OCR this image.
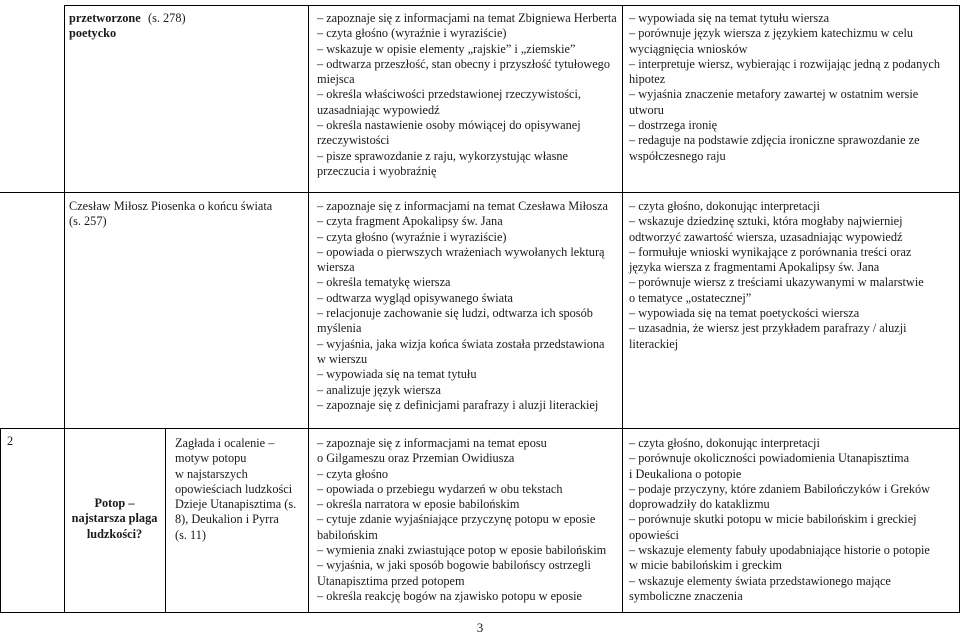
przetworzone
poetycko
(s. 278)	– zapoznaje się z informacjami na temat Zbigniewa Herberta
– czyta głośno (wyraźnie i wyraziście)
– wskazuje w opisie elementy „rajskie” i „ziemskie”
– odtwarza przeszłość, stan obecny i przyszłość tytułowego
miejsca
– określa właściwości przedstawionej rzeczywistości,
uzasadniając wypowiedź
– określa nastawienie osoby mówiącej do opisywanej
rzeczywistości
– pisze sprawozdanie z raju, wykorzystując własne
przeczucia i wyobraźnię
– wypowiada się na temat tytułu wiersza
– porównuje język wiersza z językiem katechizmu w celu
wyciągnięcia wniosków
– interpretuje wiersz, wybierając i rozwijając jedną z podanych
hipotez
– wyjaśnia znaczenie metafory zawartej w ostatnim wersie
utworu
– dostrzega ironię
– redaguje na podstawie zdjęcia ironiczne sprawozdanie ze
współczesnego raju
Czesław Miłosz Piosenka o końcu świata
(s. 257)
– zapoznaje się z informacjami na temat Czesława Miłosza
– czyta fragment Apokalipsy św. Jana
– czyta głośno (wyraźnie i wyraziście)
– opowiada o pierwszych wrażeniach wywołanych lekturą
wiersza
– określa tematykę wiersza
– odtwarza wygląd opisywanego świata
– relacjonuje zachowanie się ludzi, odtwarza ich sposób
myślenia
– wyjaśnia, jaka wizja końca świata została przedstawiona
w wierszu
– wypowiada się na temat tytułu
– analizuje język wiersza
– zapoznaje się z definicjami parafrazy i aluzji literackiej
– czyta głośno, dokonując interpretacji
– wskazuje dziedzinę sztuki, która mogłaby najwierniej
odtworzyć zawartość wiersza, uzasadniając wypowiedź
– formułuje wnioski wynikające z porównania treści oraz
języka wiersza z fragmentami Apokalipsy św. Jana
– porównuje wiersz z treściami ukazywanymi w malarstwie
o tematyce „ostatecznej”
– wypowiada się na temat poetyckości wiersza
– uzasadnia, że wiersz jest przykładem parafrazy / aluzji
literackiej
2
Potop –
najstarsza plaga
ludzkości?
Zagłada i ocalenie –
motyw potopu
w najstarszych
opowieściach ludzkości
Dzieje Utanapisztima (s.
8), Deukalion i Pyrra
(s. 11)
– zapoznaje się z informacjami na temat eposu
o Gilgameszu oraz Przemian Owidiusza
– czyta głośno
– opowiada o przebiegu wydarzeń w obu tekstach
– określa narratora w eposie babilońskim
– cytuje zdanie wyjaśniające przyczynę potopu w eposie
babilońskim
– wymienia znaki zwiastujące potop w eposie babilońskim
– wyjaśnia, w jaki sposób bogowie babilońscy ostrzegli
Utanapisztima przed potopem
– określa reakcję bogów na zjawisko potopu w eposie
– czyta głośno, dokonując interpretacji
– porównuje okoliczności powiadomienia Utanapisztima
i Deukaliona o potopie
– podaje przyczyny, które zdaniem Babilończyków i Greków
doprowadziły do kataklizmu
– porównuje skutki potopu w micie babilońskim i greckiej
opowieści
– wskazuje elementy fabuły upodabniające historie o potopie
w micie babilońskim i greckim
– wskazuje elementy świata przedstawionego mające
symboliczne znaczenia
3
